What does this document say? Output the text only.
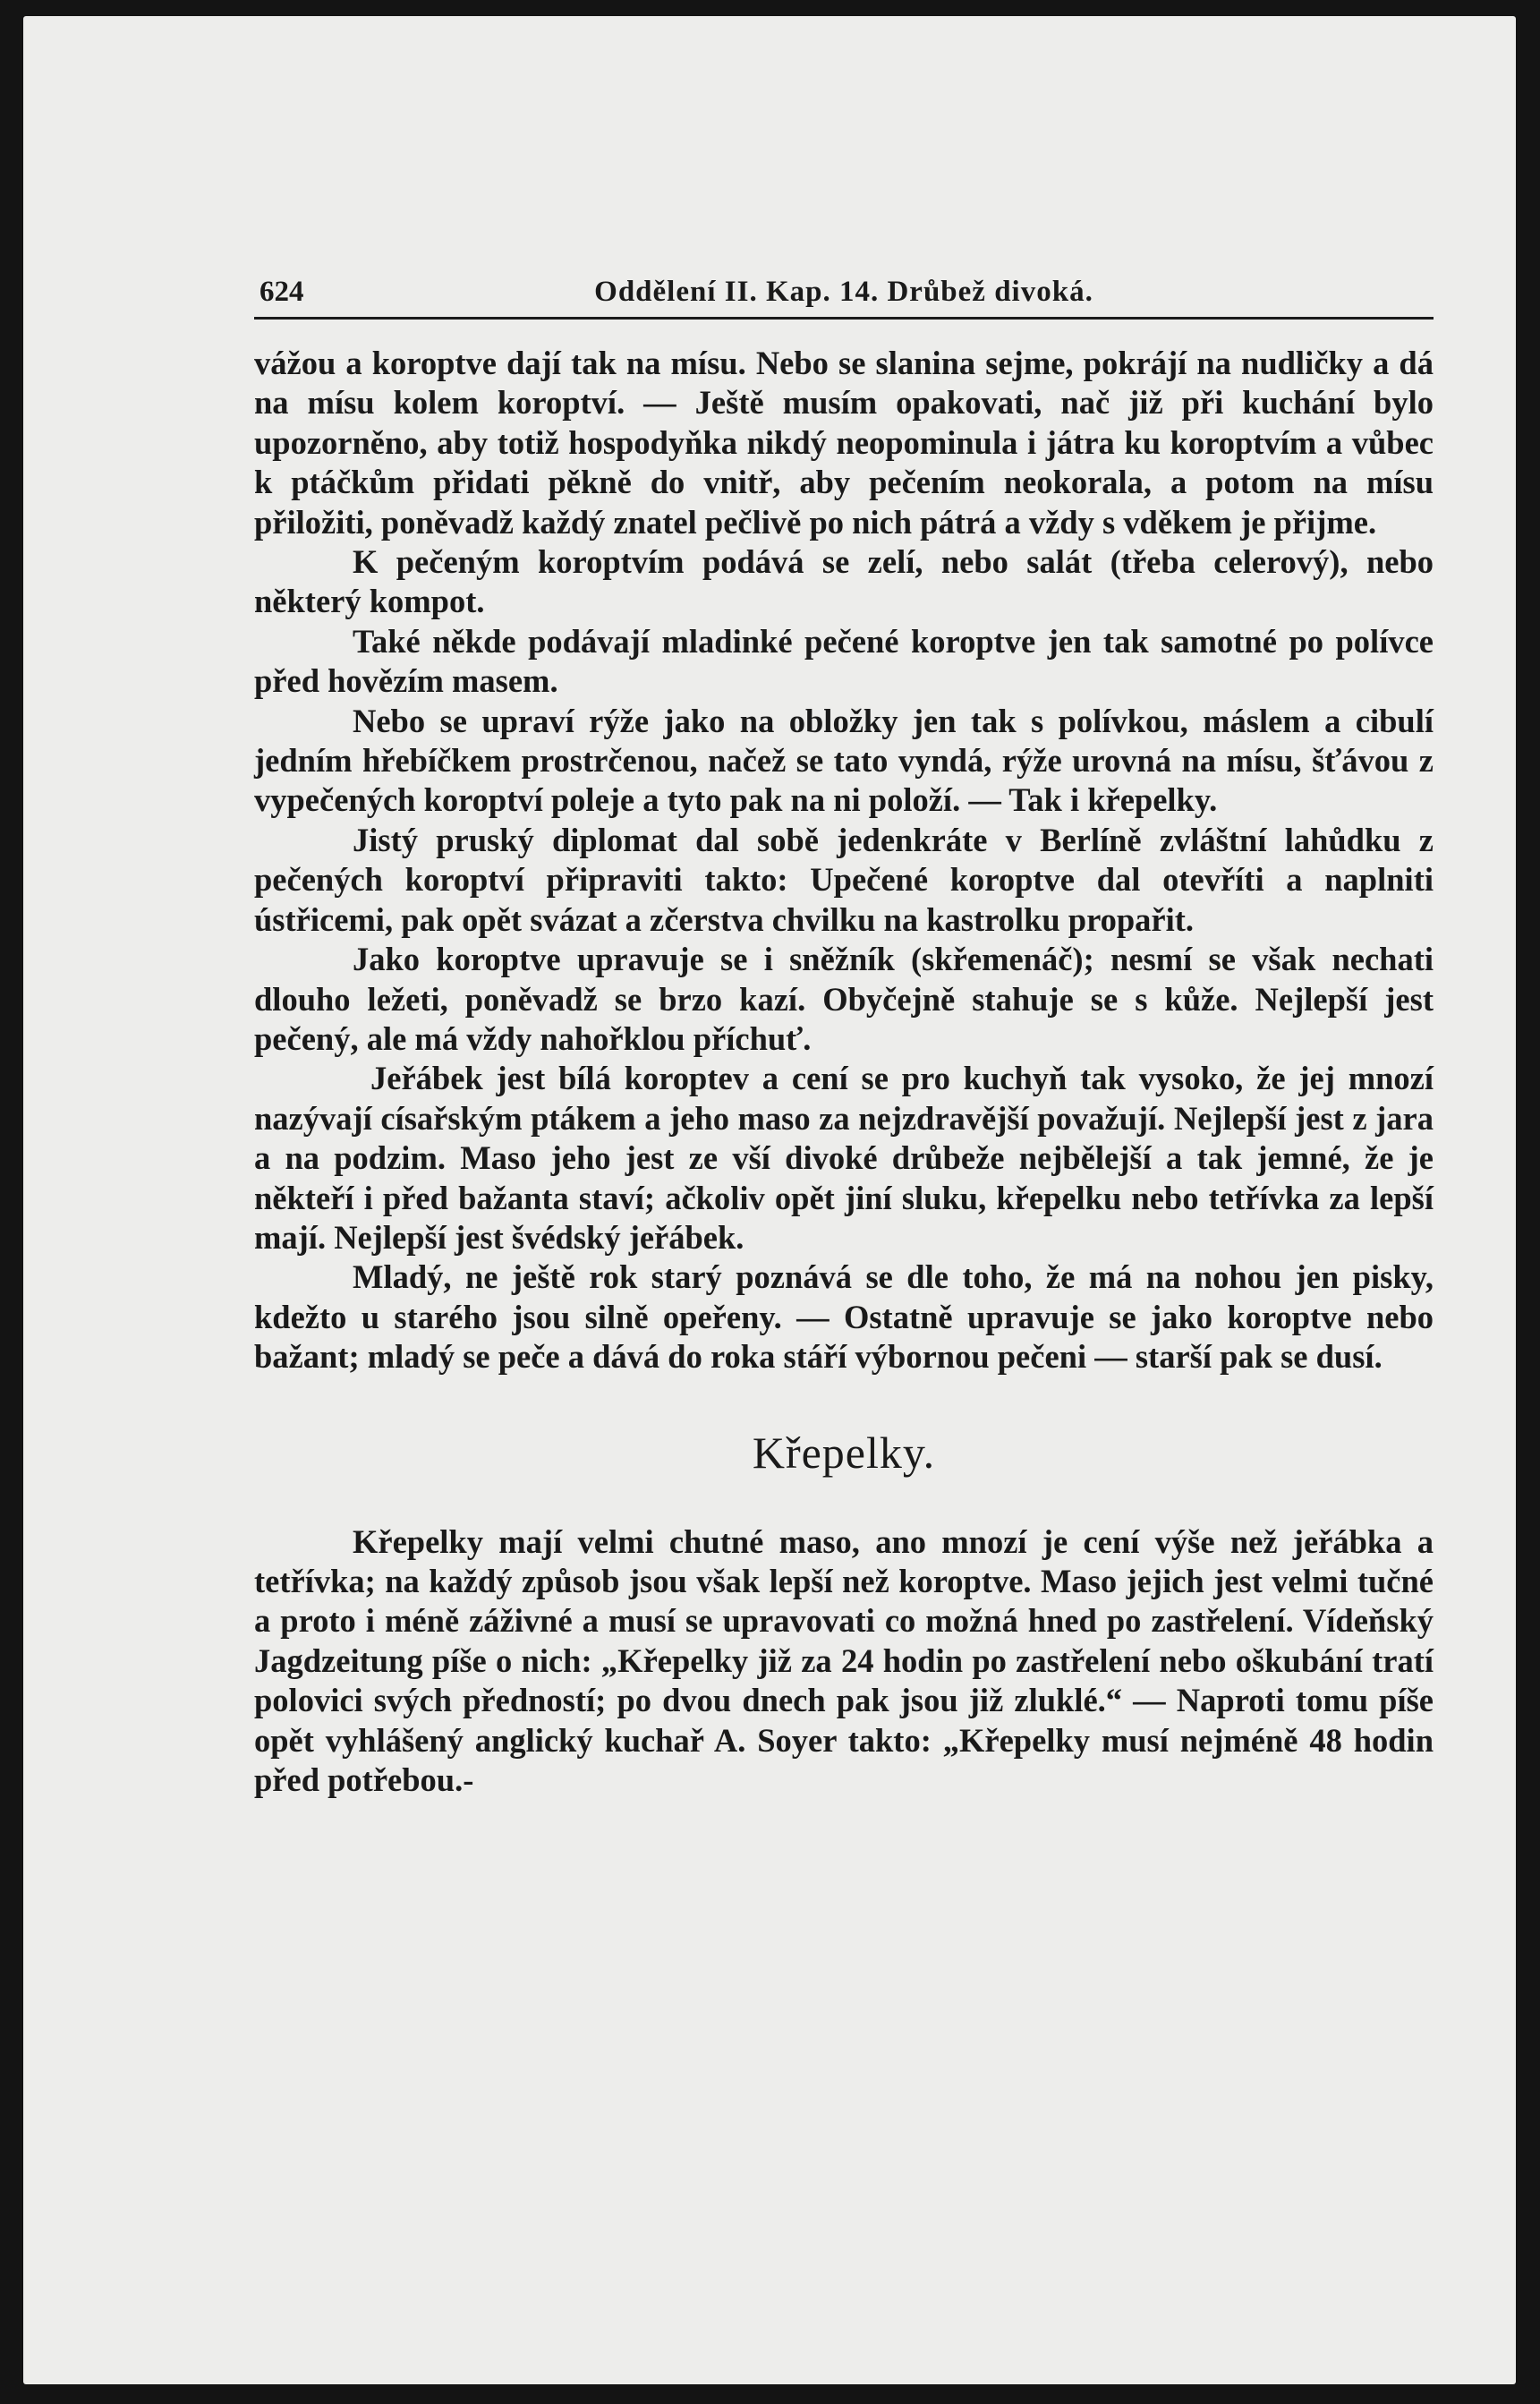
624	Oddělení II. Kap. 14. Drůbež divoká.

vážou a koroptve dají tak na mísu. Nebo se slanina sejme, pokrájí na nudličky a dá na mísu kolem koroptví. — Ještě musím opakovati, nač již při kuchání bylo upozorněno, aby totiž hospodyňka nikdý neopominula i játra ku koroptvím a vůbec k ptáčkům přidati pěkně do vnitř, aby pečením neokorala, a potom na mísu přiložiti, poněvadž každý znatel pečlivě po nich pátrá a vždy s vděkem je přijme.

K pečeným koroptvím podává se zelí, nebo salát (třeba celerový), nebo některý kompot.

Také někde podávají mladinké pečené koroptve jen tak samotné po polívce před hovězím masem.

Nebo se upraví rýže jako na obložky jen tak s polívkou, máslem a cibulí jedním hřebíčkem prostrčenou, načež se tato vyndá, rýže urovná na mísu, šťávou z vypečených koroptví poleje a tyto pak na ni položí. — Tak i křepelky.

Jistý pruský diplomat dal sobě jedenkráte v Berlíně zvláštní lahůdku z pečených koroptví připraviti takto: Upečené koroptve dal otevříti a naplniti ústřicemi, pak opět svázat a zčerstva chvilku na kastrolku propařit.

Jako koroptve upravuje se i sněžník (skřemenáč); nesmí se však nechati dlouho ležeti, poněvadž se brzo kazí. Obyčejně stahuje se s kůže. Nejlepší jest pečený, ale má vždy nahořklou příchuť.

Jeřábek jest bílá koroptev a cení se pro kuchyň tak vysoko, že jej mnozí nazývají císařským ptákem a jeho maso za nejzdravější považují. Nejlepší jest z jara a na podzim. Maso jeho jest ze vší divoké drůbeže nejbělejší a tak jemné, že je někteří i před bažanta staví; ačkoliv opět jiní sluku, křepelku nebo tetřívka za lepší mají. Nejlepší jest švédský jeřábek.

Mladý, ne ještě rok starý poznává se dle toho, že má na nohou jen pisky, kdežto u starého jsou silně opeřeny. — Ostatně upravuje se jako koroptve nebo bažant; mladý se peče a dává do roka stáří výbornou pečeni — starší pak se dusí.

Křepelky.

Křepelky mají velmi chutné maso, ano mnozí je cení výše než jeřábka a tetřívka; na každý způsob jsou však lepší než koroptve. Maso jejich jest velmi tučné a proto i méně záživné a musí se upravovati co možná hned po zastřelení. Vídeňský Jagdzeitung píše o nich: „Křepelky již za 24 hodin po zastřelení nebo oškubání tratí polovici svých předností; po dvou dnech pak jsou již zluklé.“ — Naproti tomu píše opět vyhlášený anglický kuchař A. Soyer takto: „Křepelky musí nejméně 48 hodin před potřebou.-
